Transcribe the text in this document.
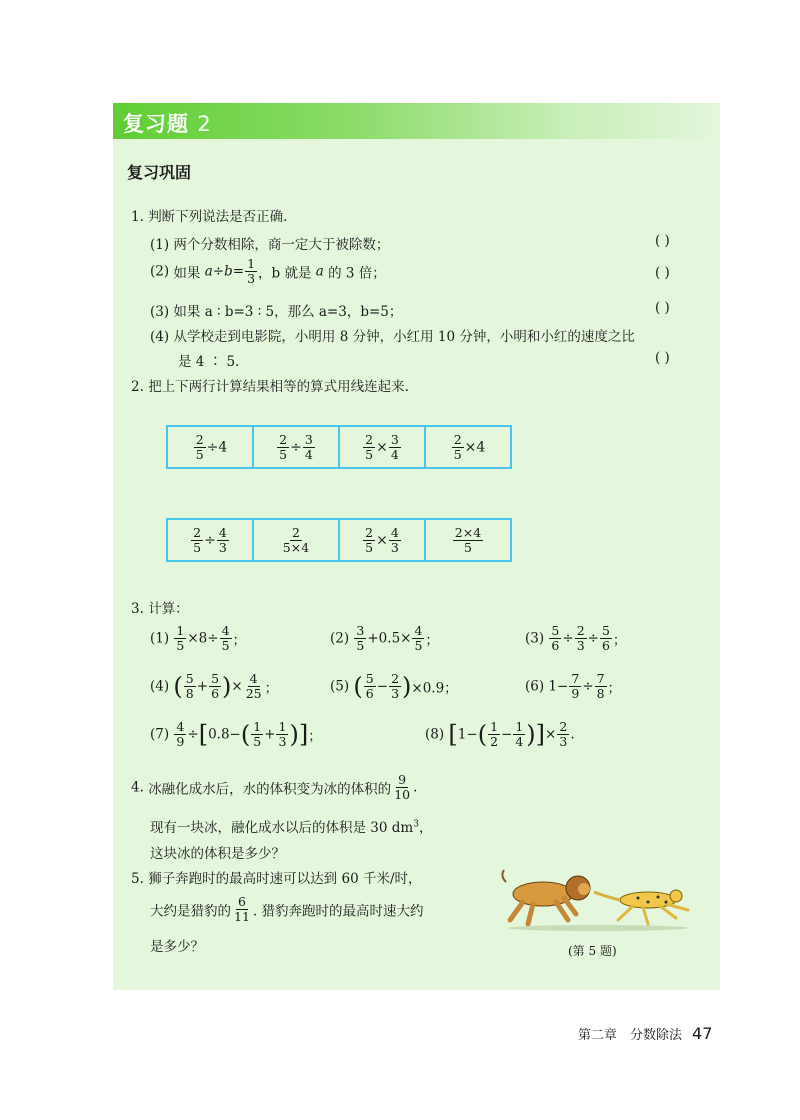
复习题 2
复习巩固
1. 判断下列说法是否正确.
(1) 两个分数相除，商一定大于被除数；	( )
(2) 如果 $a\div b= \frac{1}{3}$ ，b 就是 a 的 3 倍；	( )
(3) 如果 a ∶ b=3 ∶ 5，那么 a=3，b=5；	( )
(4) 从学校走到电影院，小明用 8 分钟，小红用 10 分钟，小明和小红的速度之比
是 4 ∶ 5.	( )
2. 把上下两行计算结果相等的算式用线连起来.
$\frac{2}{5} \div 4$	$\frac{2}{5} \div \frac{3}{4}$	$\frac{2}{5} \times \frac{3}{4}$	$\frac{2}{5} \times 4$
$\frac{2}{5} \div \frac{4}{3}$	$\frac{2}{5\times 4}$	$\frac{2}{5} \times \frac{4}{3}$	$\frac{2\times 4}{5}$
3. 计算：
$(1) \frac{1}{5} \times 8\div \frac{4}{5}$ ；	$(2) \frac{3}{5} +0.5\times \frac{4}{5}$ ；	$(3) \frac{5}{6} \div \frac{2}{3} \div \frac{5}{6}$ ；
(4) ( $\frac{5}{8} + \frac{5}{6}$ )× $\frac{4}{25}$ ；	(5) ( $\frac{5}{6} - \frac{2}{3} )\times 0.9$；	(6) $1- \frac{7}{9} \div \frac{7}{8}$ ；
$(7) \frac{4}{9} \div[0.8-( \frac{1}{5} + \frac{1}{3}$ )]；	(8) [$1-( \frac{1}{2} - \frac{1}{4}$ )]× $\frac{2}{3}$ .
4. 冰融化成水后，水的体积变为冰的体积的 $\frac{9}{10}$ .
现有一块冰，融化成水以后的体积是 30 $dm^3$，
这块冰的体积是多少？
5. 狮子奔跑时的最高时速可以达到 60 千米/时，
大约是猎豹的 $\frac{6}{11}$ . 猎豹奔跑时的最高时速大约
是多少？	(第 5 题)
第二章　分数除法 47
